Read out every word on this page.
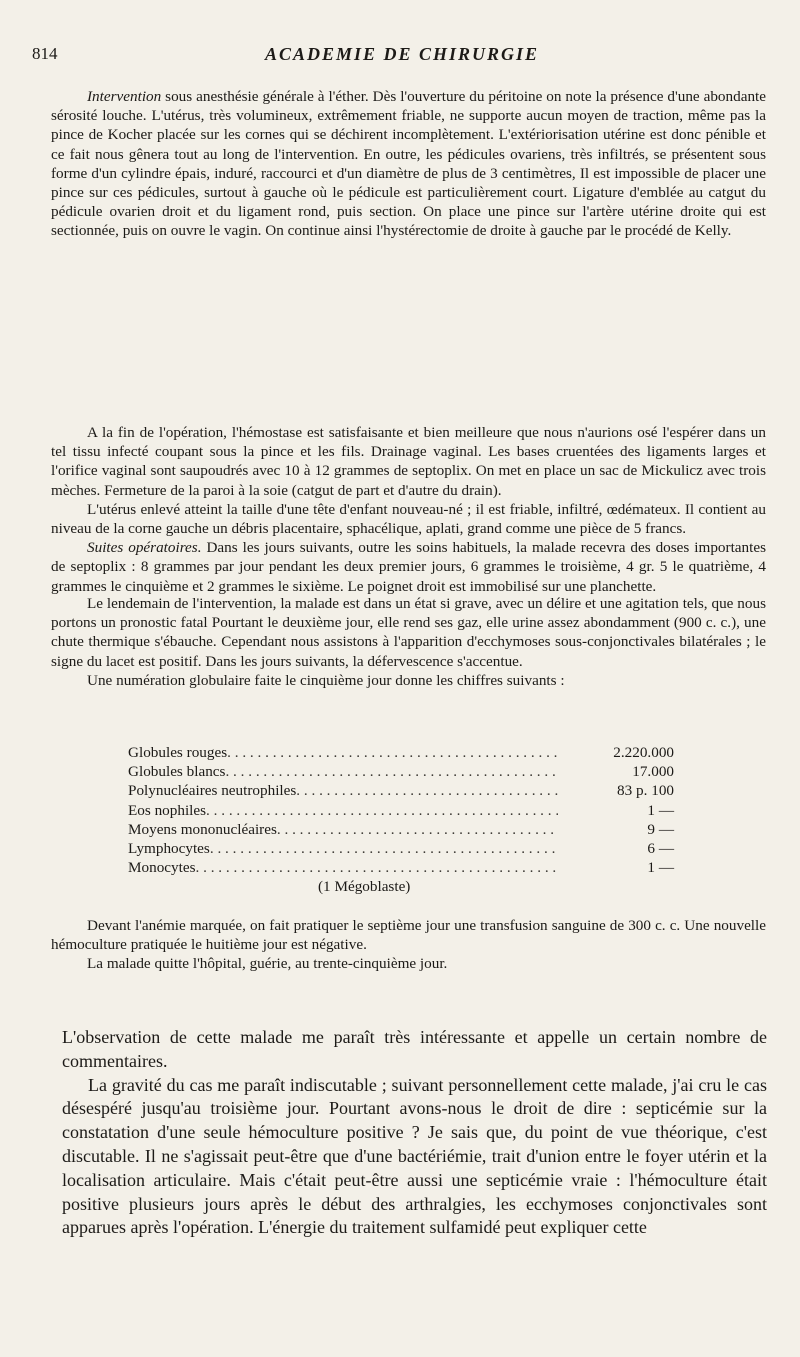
814	ACADEMIE DE CHIRURGIE

Intervention sous anesthésie générale à l'éther. Dès l'ouverture du péritoine on note la présence d'une abondante sérosité louche. L'utérus, très volumineux, extrêmement friable, ne supporte aucun moyen de traction, même pas la pince de Kocher placée sur les cornes qui se déchirent incomplètement. L'extériorisation utérine est donc pénible et ce fait nous gênera tout au long de l'intervention. En outre, les pédicules ovariens, très infiltrés, se présentent sous forme d'un cylindre épais, induré, raccourci et d'un diamètre de plus de 3 centimètres, Il est impossible de placer une pince sur ces pédicules, surtout à gauche où le pédicule est particulièrement court. Ligature d'emblée au catgut du pédicule ovarien droit et du ligament rond, puis section. On place une pince sur l'artère utérine droite qui est sectionnée, puis on ouvre le vagin. On continue ainsi l'hystérectomie de droite à gauche par le procédé de Kelly.

A la fin de l'opération, l'hémostase est satisfaisante et bien meilleure que nous n'aurions osé l'espérer dans un tel tissu infecté coupant sous la pince et les fils. Drainage vaginal. Les bases cruentées des ligaments larges et l'orifice vaginal sont saupoudrés avec 10 à 12 grammes de septoplix. On met en place un sac de Mickulicz avec trois mèches. Fermeture de la paroi à la soie (catgut de part et d'autre du drain).

L'utérus enlevé atteint la taille d'une tête d'enfant nouveau-né ; il est friable, infiltré, œdémateux. Il contient au niveau de la corne gauche un débris placentaire, sphacélique, aplati, grand comme une pièce de 5 francs.

Suites opératoires. Dans les jours suivants, outre les soins habituels, la malade recevra des doses importantes de septoplix : 8 grammes par jour pendant les deux premier jours, 6 grammes le troisième, 4 gr. 5 le quatrième, 4 grammes le cinquième et 2 grammes le sixième. Le poignet droit est immobilisé sur une planchette.

Le lendemain de l'intervention, la malade est dans un état si grave, avec un délire et une agitation tels, que nous portons un pronostic fatal Pourtant le deuxième jour, elle rend ses gaz, elle urine assez abondamment (900 c. c.), une chute thermique s'ébauche. Cependant nous assistons à l'apparition d'ecchymoses sous-conjonctivales bilatérales ; le signe du lacet est positif. Dans les jours suivants, la défervescence s'accentue.

Une numération globulaire faite le cinquième jour donne les chiffres suivants :

Globules rouges . . .	2.220.000
Globules blancs . . .	17.000
Polynucléaires neutrophiles . . .	83 p. 100
Eos nophiles . . .	1 —
Moyens mononucléaires . . .	9 —
Lymphocytes . . .	6 —
Monocytes . . .	1 —
(1 Mégoblaste)

Devant l'anémie marquée, on fait pratiquer le septième jour une transfusion sanguine de 300 c. c. Une nouvelle hémoculture pratiquée le huitième jour est négative.

La malade quitte l'hôpital, guérie, au trente-cinquième jour.

L'observation de cette malade me paraît très intéressante et appelle un certain nombre de commentaires.

La gravité du cas me paraît indiscutable ; suivant personnellement cette malade, j'ai cru le cas désespéré jusqu'au troisième jour. Pourtant avons-nous le droit de dire : septicémie sur la constatation d'une seule hémoculture positive ? Je sais que, du point de vue théorique, c'est discutable. Il ne s'agissait peut-être que d'une bactériémie, trait d'union entre le foyer utérin et la localisation articulaire. Mais c'était peut-être aussi une septicémie vraie : l'hémoculture était positive plusieurs jours après le début des arthralgies, les ecchymoses conjonctivales sont apparues après l'opération. L'énergie du traitement sulfamidé peut expliquer cette
